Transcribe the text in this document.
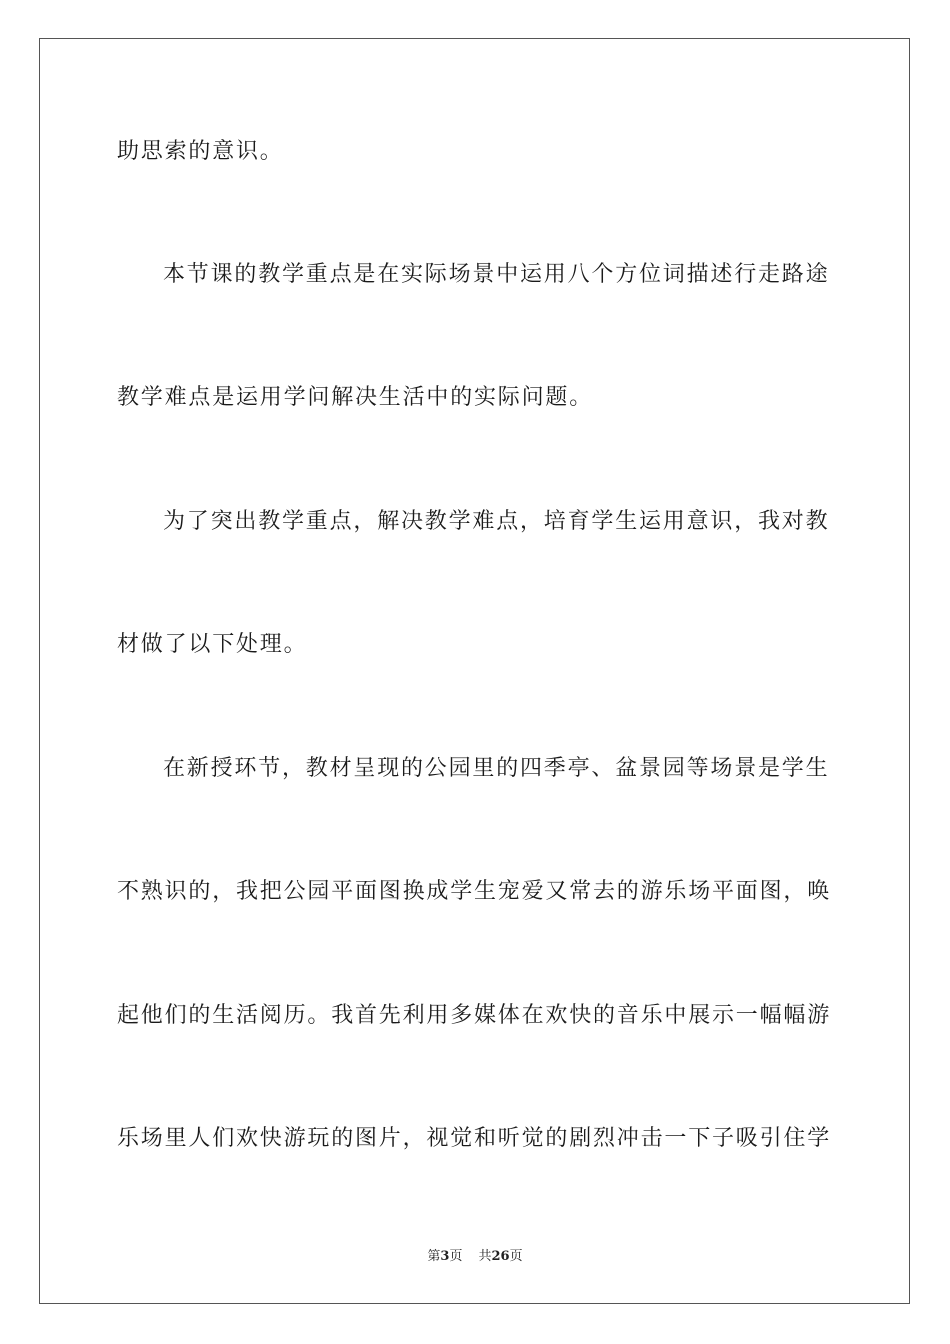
助思索的意识。
本节课的教学重点是在实际场景中运用八个方位词描述行走路途
教学难点是运用学问解决生活中的实际问题。
为了突出教学重点，解决教学难点，培育学生运用意识，我对教
材做了以下处理。
在新授环节，教材呈现的公园里的四季亭、盆景园等场景是学生
不熟识的，我把公园平面图换成学生宠爱又常去的游乐场平面图，唤
起他们的生活阅历。我首先利用多媒体在欢快的音乐中展示一幅幅游
乐场里人们欢快游玩的图片，视觉和听觉的剧烈冲击一下子吸引住学
第3页 共26页
